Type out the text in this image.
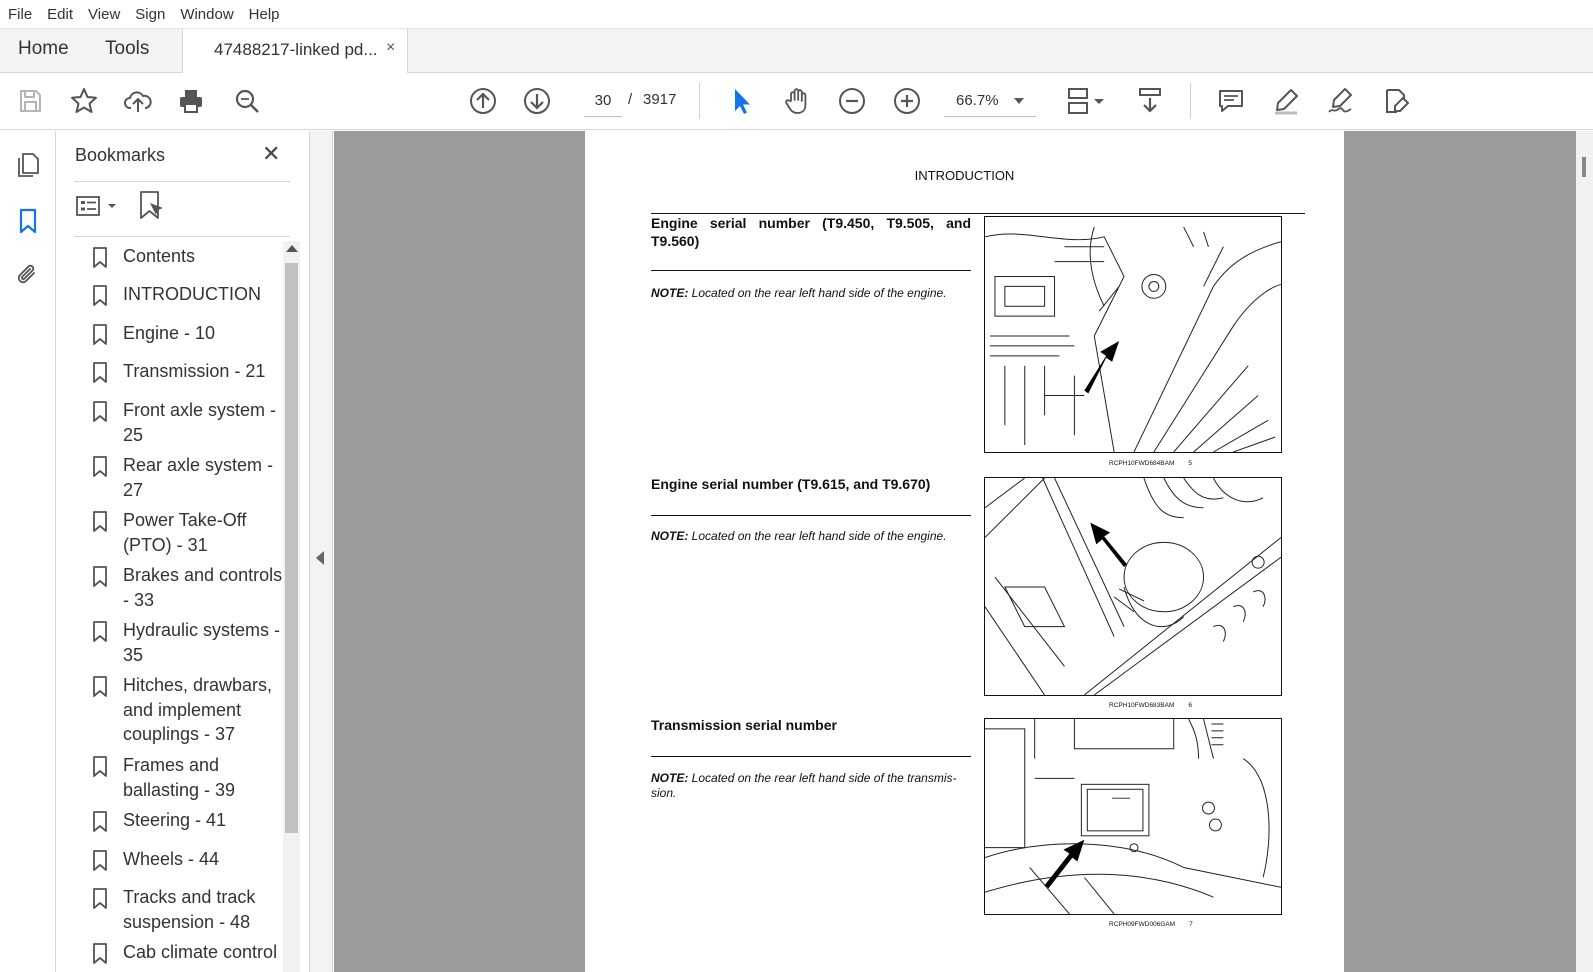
File Edit View Sign Window Help
Home Tools	47488217-linked pd... ×
30	/ 3917	66.7%
Bookmarks	✕
Contents
INTRODUCTION
Engine - 10
Transmission - 21
Front axle system - 25
Rear axle system - 27
Power Take-Off (PTO) - 31
Brakes and controls - 33
Hydraulic systems - 35
Hitches, drawbars, and implement couplings - 37
Frames and ballasting - 39
Steering - 41
Wheels - 44
Tracks and track suspension - 48
Cab climate control
INTRODUCTION
Engine serial number (T9.450, T9.505, and T9.560)
NOTE: Located on the rear left hand side of the engine.
RCPH10FWD684BAM 5
Engine serial number (T9.615, and T9.670)
NOTE: Located on the rear left hand side of the engine.
RCPH10FWD683BAM 6
Transmission serial number
NOTE: Located on the rear left hand side of the transmis-sion.
RCPH09FWD006GAM 7
